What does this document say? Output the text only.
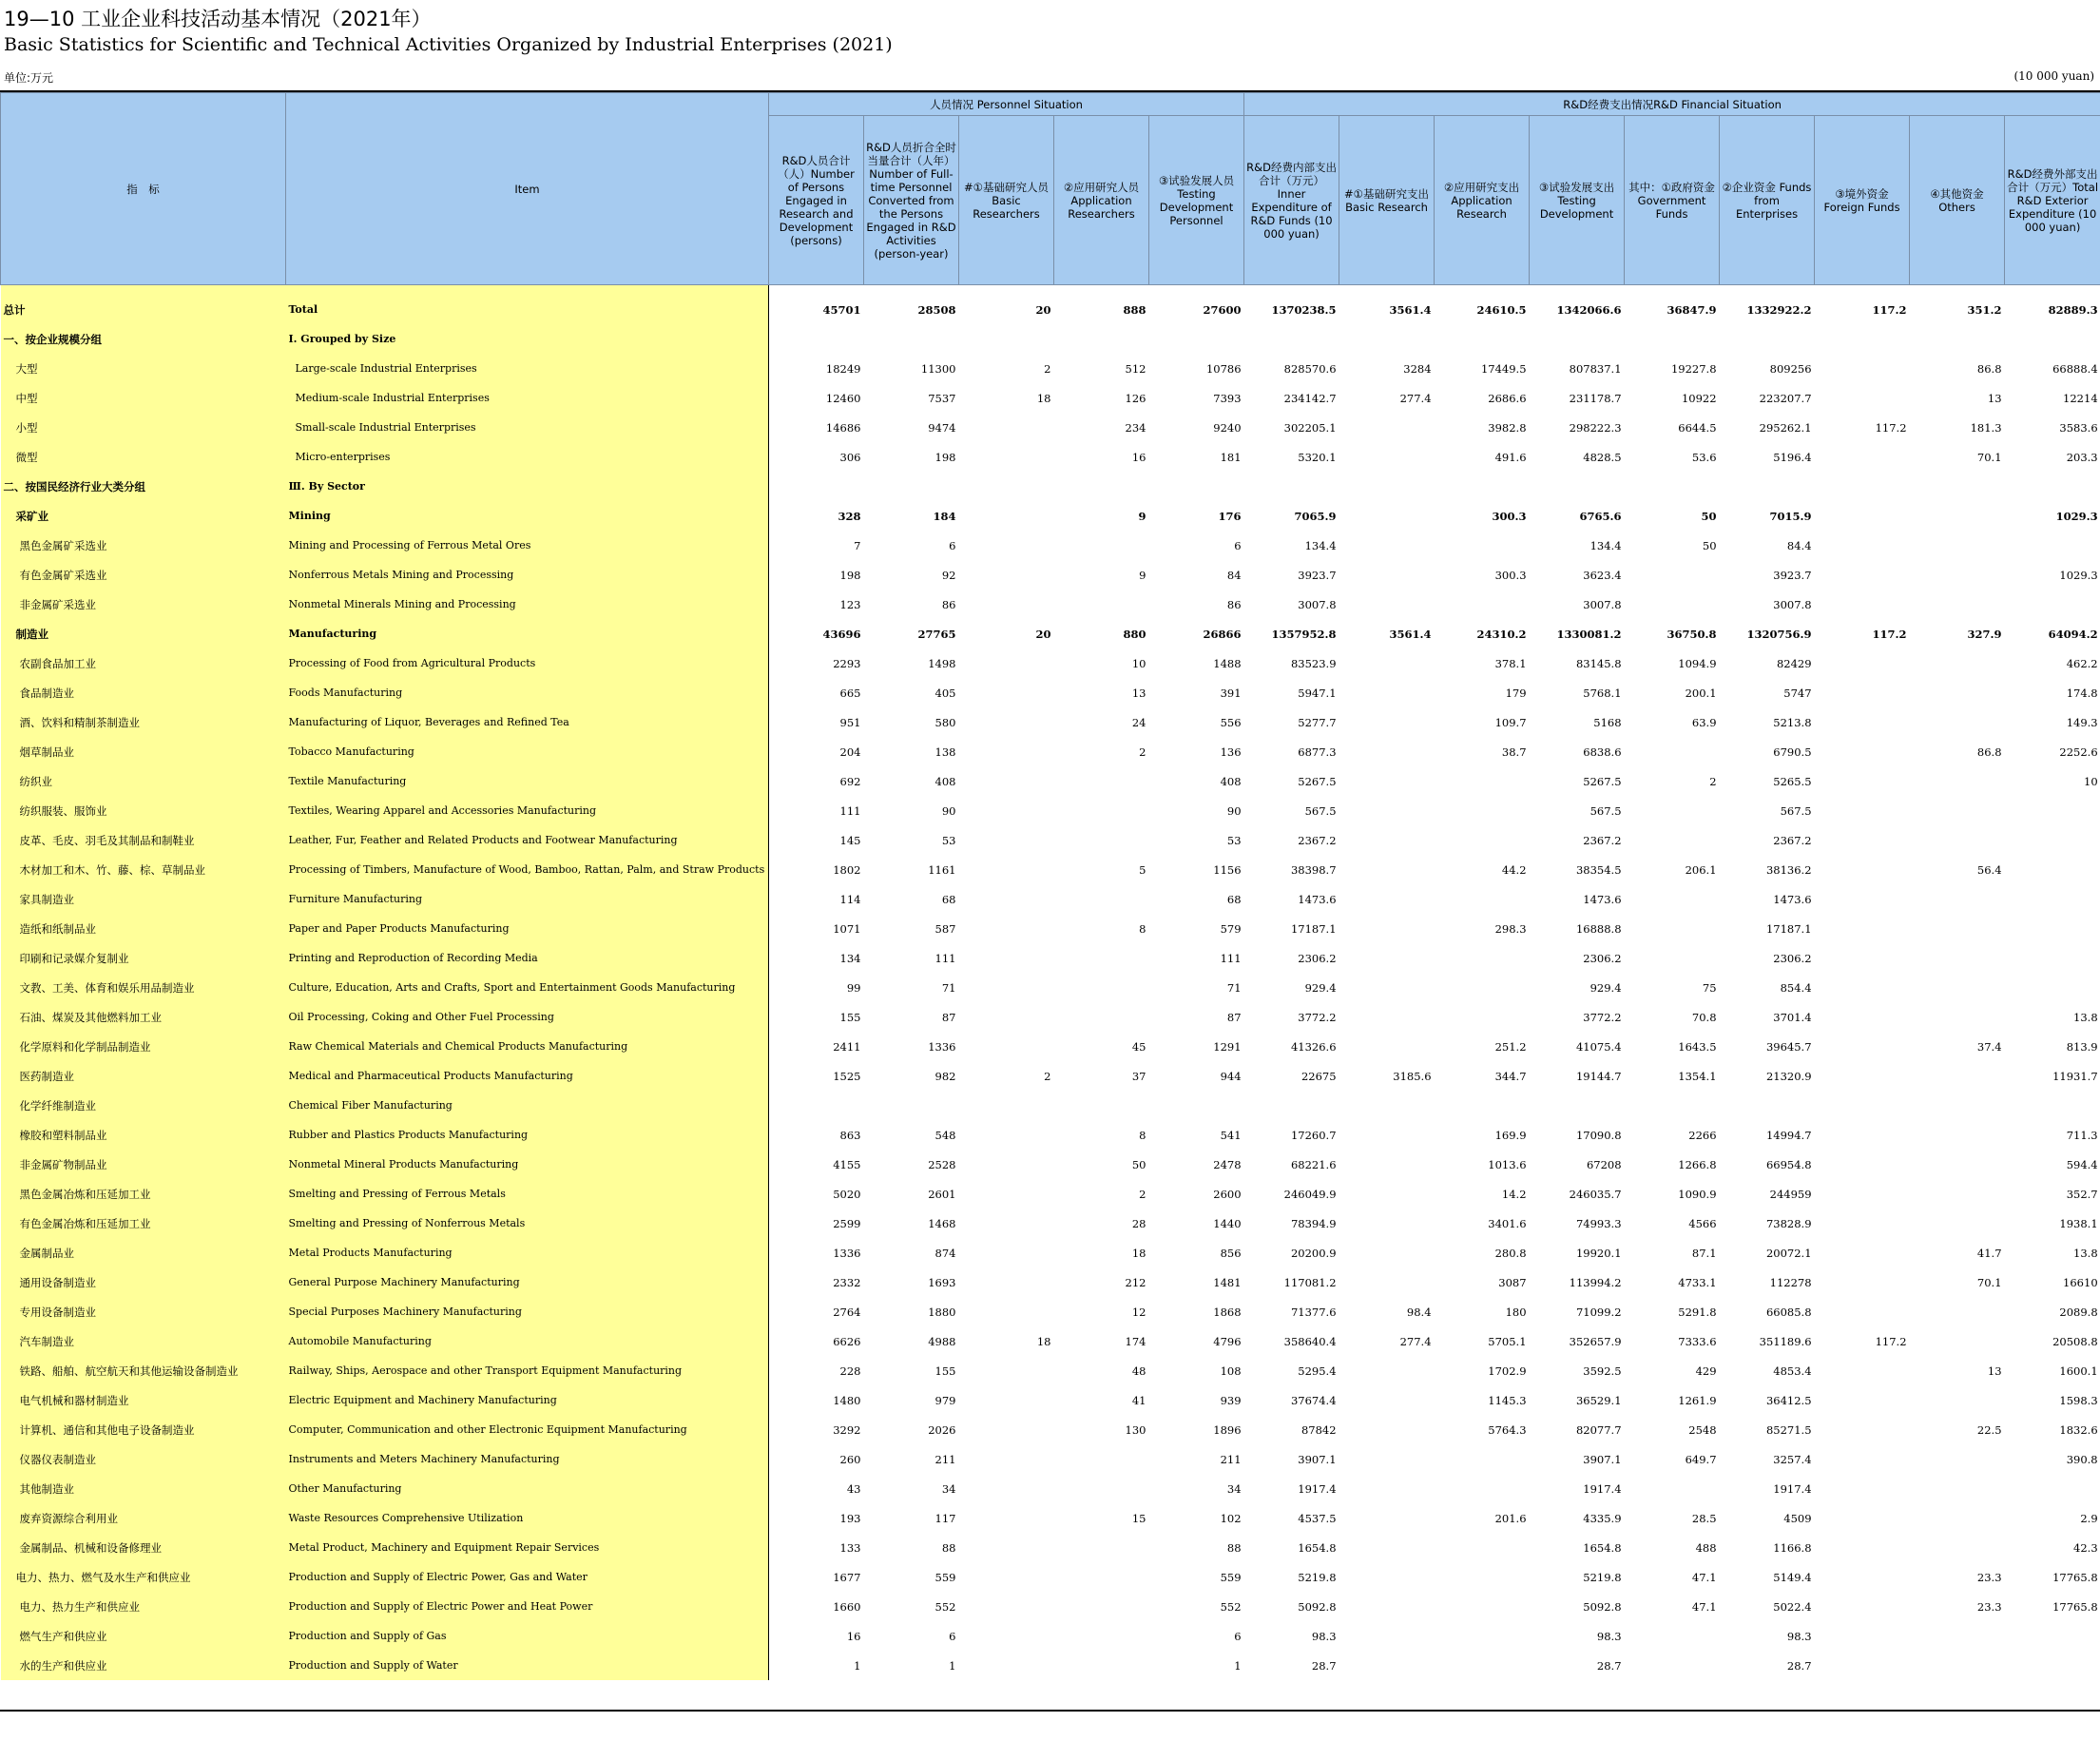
19—10 工业企业科技活动基本情况（2021年）
Basic Statistics for Scientific and Technical Activities Organized by Industrial Enterprises (2021)
单位:万元	(10 000 yuan)
指　标	Item	人员情况 Personnel Situation					R&D经费支出情况R&D Financial Situation								
		R&D人员合计（人）Number of Persons Engaged in Research and Development (persons)	R&D人员折合全时当量合计（人年）Number of Full-time Personnel Converted from the Persons Engaged in R&D Activities (person-year)	#①基础研究人员 Basic Researchers	②应用研究人员 Application Researchers	③试验发展人员 Testing Development Personnel	R&D经费内部支出合计（万元）Inner Expenditure of R&D Funds (10 000 yuan)	#①基础研究支出 Basic Research	②应用研究支出 Application Research	③试验发展支出 Testing Development	其中：①政府资金 Government Funds	②企业资金 Funds from Enterprises	③境外资金 Foreign Funds	④其他资金 Others	R&D经费外部支出合计（万元）Total R&D Exterior Expenditure (10 000 yuan)
总计	Total	45701	28508	20	888	27600	1370238.5	3561.4	24610.5	1342066.6	36847.9	1332922.2	117.2	351.2	82889.3
一、按企业规模分组	Ⅰ. Grouped by Size														
大型	Large-scale Industrial Enterprises	18249	11300	2	512	10786	828570.6	3284	17449.5	807837.1	19227.8	809256		86.8	66888.4
中型	Medium-scale Industrial Enterprises	12460	7537	18	126	7393	234142.7	277.4	2686.6	231178.7	10922	223207.7		13	12214
小型	Small-scale Industrial Enterprises	14686	9474		234	9240	302205.1		3982.8	298222.3	6644.5	295262.1	117.2	181.3	3583.6
微型	Micro-enterprises	306	198		16	181	5320.1		491.6	4828.5	53.6	5196.4		70.1	203.3
二、按国民经济行业大类分组	Ⅲ. By Sector														
采矿业	Mining	328	184		9	176	7065.9		300.3	6765.6	50	7015.9			1029.3
黑色金属矿采选业	Mining and Processing of Ferrous Metal Ores	7	6			6	134.4			134.4	50	84.4			
有色金属矿采选业	Nonferrous Metals Mining and Processing	198	92		9	84	3923.7		300.3	3623.4		3923.7			1029.3
非金属矿采选业	Nonmetal Minerals Mining and Processing	123	86			86	3007.8			3007.8		3007.8			
制造业	Manufacturing	43696	27765	20	880	26866	1357952.8	3561.4	24310.2	1330081.2	36750.8	1320756.9	117.2	327.9	64094.2
农副食品加工业	Processing of Food from Agricultural Products	2293	1498		10	1488	83523.9		378.1	83145.8	1094.9	82429			462.2
食品制造业	Foods Manufacturing	665	405		13	391	5947.1		179	5768.1	200.1	5747			174.8
酒、饮料和精制茶制造业	Manufacturing of Liquor, Beverages and Refined Tea	951	580		24	556	5277.7		109.7	5168	63.9	5213.8			149.3
烟草制品业	Tobacco Manufacturing	204	138		2	136	6877.3		38.7	6838.6		6790.5		86.8	2252.6
纺织业	Textile Manufacturing	692	408			408	5267.5			5267.5	2	5265.5			10
纺织服装、服饰业	Textiles, Wearing Apparel and Accessories Manufacturing	111	90			90	567.5			567.5		567.5			
皮革、毛皮、羽毛及其制品和制鞋业	Leather, Fur, Feather and Related Products and Footwear Manufacturing	145	53			53	2367.2			2367.2		2367.2			
木材加工和木、竹、藤、棕、草制品业	Processing of Timbers, Manufacture of Wood, Bamboo, Rattan, Palm, and Straw Products	1802	1161		5	1156	38398.7		44.2	38354.5	206.1	38136.2		56.4	
家具制造业	Furniture Manufacturing	114	68			68	1473.6			1473.6		1473.6			
造纸和纸制品业	Paper and Paper Products Manufacturing	1071	587		8	579	17187.1		298.3	16888.8		17187.1			
印刷和记录媒介复制业	Printing and Reproduction of Recording Media	134	111			111	2306.2			2306.2		2306.2			
文教、工美、体育和娱乐用品制造业	Culture, Education, Arts and Crafts, Sport and Entertainment Goods Manufacturing	99	71			71	929.4			929.4	75	854.4			
石油、煤炭及其他燃料加工业	Oil Processing, Coking and Other Fuel Processing	155	87			87	3772.2			3772.2	70.8	3701.4			13.8
化学原料和化学制品制造业	Raw Chemical Materials and Chemical Products Manufacturing	2411	1336		45	1291	41326.6		251.2	41075.4	1643.5	39645.7		37.4	813.9
医药制造业	Medical and Pharmaceutical Products Manufacturing	1525	982	2	37	944	22675	3185.6	344.7	19144.7	1354.1	21320.9			11931.7
化学纤维制造业	Chemical Fiber Manufacturing														
橡胶和塑料制品业	Rubber and Plastics Products Manufacturing	863	548		8	541	17260.7		169.9	17090.8	2266	14994.7			711.3
非金属矿物制品业	Nonmetal Mineral Products Manufacturing	4155	2528		50	2478	68221.6		1013.6	67208	1266.8	66954.8			594.4
黑色金属冶炼和压延加工业	Smelting and Pressing of Ferrous Metals	5020	2601		2	2600	246049.9		14.2	246035.7	1090.9	244959			352.7
有色金属冶炼和压延加工业	Smelting and Pressing of Nonferrous Metals	2599	1468		28	1440	78394.9		3401.6	74993.3	4566	73828.9			1938.1
金属制品业	Metal Products Manufacturing	1336	874		18	856	20200.9		280.8	19920.1	87.1	20072.1		41.7	13.8
通用设备制造业	General Purpose Machinery Manufacturing	2332	1693		212	1481	117081.2		3087	113994.2	4733.1	112278		70.1	16610
专用设备制造业	Special Purposes Machinery Manufacturing	2764	1880		12	1868	71377.6	98.4	180	71099.2	5291.8	66085.8			2089.8
汽车制造业	Automobile Manufacturing	6626	4988	18	174	4796	358640.4	277.4	5705.1	352657.9	7333.6	351189.6	117.2		20508.8
铁路、船舶、航空航天和其他运输设备制造业	Railway, Ships, Aerospace and other Transport Equipment Manufacturing	228	155		48	108	5295.4		1702.9	3592.5	429	4853.4		13	1600.1
电气机械和器材制造业	Electric Equipment and Machinery Manufacturing	1480	979		41	939	37674.4		1145.3	36529.1	1261.9	36412.5			1598.3
计算机、通信和其他电子设备制造业	Computer, Communication and other Electronic Equipment Manufacturing	3292	2026		130	1896	87842		5764.3	82077.7	2548	85271.5		22.5	1832.6
仪器仪表制造业	Instruments and Meters Machinery Manufacturing	260	211			211	3907.1			3907.1	649.7	3257.4			390.8
其他制造业	Other Manufacturing	43	34			34	1917.4			1917.4		1917.4			
废弃资源综合利用业	Waste Resources Comprehensive Utilization	193	117		15	102	4537.5		201.6	4335.9	28.5	4509			2.9
金属制品、机械和设备修理业	Metal Product, Machinery and Equipment Repair Services	133	88			88	1654.8			1654.8	488	1166.8			42.3
电力、热力、燃气及水生产和供应业	Production and Supply of Electric Power, Gas and Water	1677	559			559	5219.8			5219.8	47.1	5149.4		23.3	17765.8
电力、热力生产和供应业	Production and Supply of Electric Power and Heat Power	1660	552			552	5092.8			5092.8	47.1	5022.4		23.3	17765.8
燃气生产和供应业	Production and Supply of Gas	16	6			6	98.3			98.3		98.3			
水的生产和供应业	Production and Supply of Water	1	1			1	28.7			28.7		28.7			
